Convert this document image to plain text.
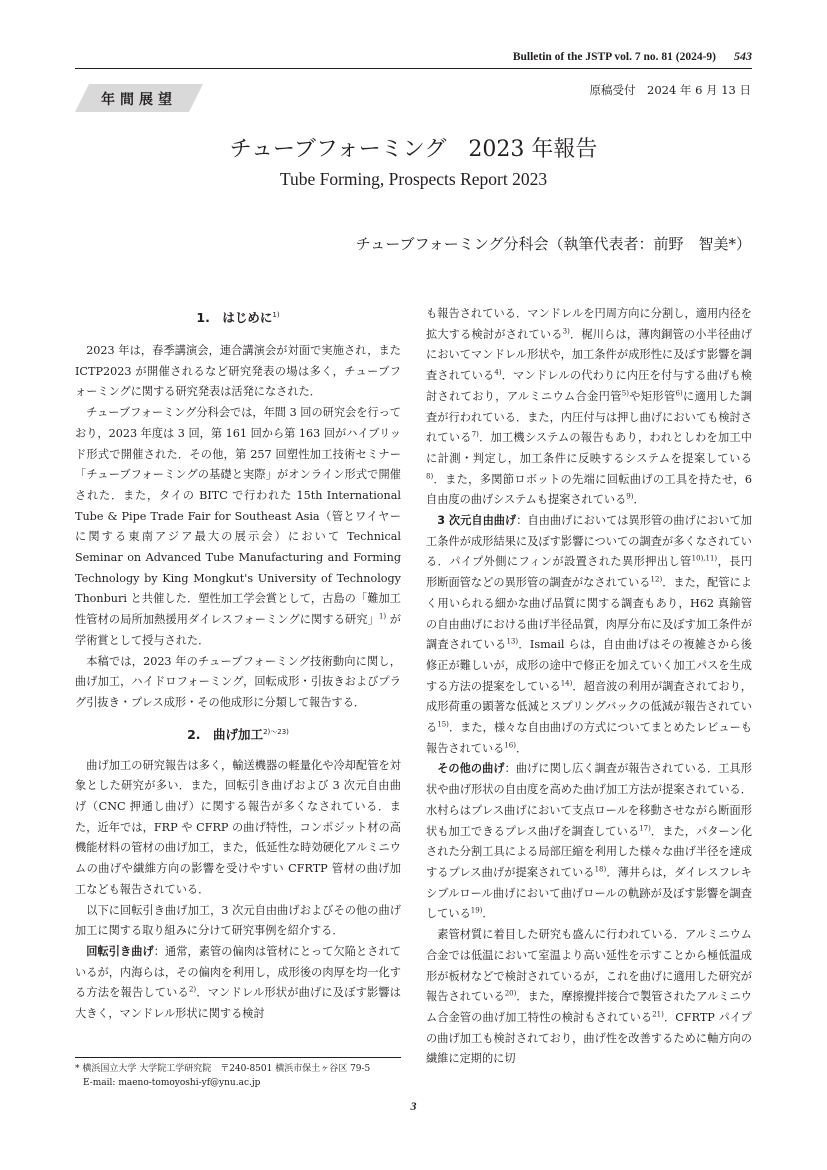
Bulletin of the JSTP vol. 7 no. 81 (2024-9) 543
年間展望
原稿受付　2024 年 6 月 13 日
チューブフォーミング　2023 年報告
Tube Forming, Prospects Report 2023
チューブフォーミング分科会（執筆代表者：前野　智美*）
1.　はじめに$^{1)}$

2023 年は，春季講演会，連合講演会が対面で実施され，またICTP2023 が開催されるなど研究発表の場は多く，チューブフォーミングに関する研究発表は活発になされた．

チューブフォーミング分科会では，年間 3 回の研究会を行っており，2023 年度は 3 回，第 161 回から第 163 回がハイブリッド形式で開催された．その他，第 257 回塑性加工技術セミナー「チューブフォーミングの基礎と実際」がオンライン形式で開催された．また，タイの BITC で行われた 15th International Tube & Pipe Trade Fair for Southeast Asia（管とワイヤーに関する東南アジア最大の展示会）において Technical Seminar on Advanced Tube Manufacturing and Forming Technology by King Mongkut's University of Technology Thonburi と共催した．塑性加工学会賞として，古島の「難加工性管材の局所加熱援用ダイレスフォーミングに関する研究」$^{1)}$ が学術賞として授与された．

本稿では，2023 年のチューブフォーミング技術動向に関し，曲げ加工，ハイドロフォーミング，回転成形・引抜きおよびプラグ引抜き・プレス成形・その他成形に分類して報告する．

2.　曲げ加工$^{2)\sim 23)}$

曲げ加工の研究報告は多く，輸送機器の軽量化や冷却配管を対象とした研究が多い．また，回転引き曲げおよび 3 次元自由曲げ（CNC 押通し曲げ）に関する報告が多くなされている．また，近年では，FRP や CFRP の曲げ特性，コンポジット材の高機能材料の管材の曲げ加工，また，低延性な時効硬化アルミニウムの曲げや繊維方向の影響を受けやすい CFRTP 管材の曲げ加工なども報告されている．

以下に回転引き曲げ加工，3 次元自由曲げおよびその他の曲げ加工に関する取り組みに分けて研究事例を紹介する．

回転引き曲げ：通常，素管の偏肉は管材にとって欠陥とされているが，内海らは，その偏肉を利用し，成形後の肉厚を均一化する方法を報告している$^{2)}$．マンドレル形状が曲げに及ぼす影響は大きく，マンドレル形状に関する検討

も報告されている．マンドレルを円周方向に分割し，適用内径を拡大する検討がされている$^{3)}$．梶川らは，薄肉銅管の小半径曲げにおいてマンドレル形状や，加工条件が成形性に及ぼす影響を調査されている$^{4)}$．マンドレルの代わりに内圧を付与する曲げも検討されており，アルミニウム合金円管$^{5)}$や矩形管$^{6)}$に適用した調査が行われている．また，内圧付与は押し曲げにおいても検討されている$^{7)}$．加工機システムの報告もあり，われとしわを加工中に計測・判定し，加工条件に反映するシステムを提案している$^{8)}$．また，多関節ロボットの先端に回転曲げの工具を持たせ，6 自由度の曲げシステムも提案されている$^{9)}$．

3 次元自由曲げ：自由曲げにおいては異形管の曲げにおいて加工条件が成形結果に及ぼす影響についての調査が多くなされている．パイプ外側にフィンが設置された異形押出し管$^{10),11)}$，長円形断面管などの異形管の調査がなされている$^{12)}$．また，配管によく用いられる細かな曲げ品質に関する調査もあり，H62 真鍮管の自由曲げにおける曲げ半径品質，肉厚分布に及ぼす加工条件が調査されている$^{13)}$．Ismail らは，自由曲げはその複雑さから後修正が難しいが，成形の途中で修正を加えていく加工パスを生成する方法の提案をしている$^{14)}$．超音波の利用が調査されており，成形荷重の顕著な低減とスプリングバックの低減が報告されている$^{15)}$．また，様々な自由曲げの方式についてまとめたレビューも報告されている$^{16)}$．

その他の曲げ：曲げに関し広く調査が報告されている．工具形状や曲げ形状の自由度を高めた曲げ加工方法が提案されている．水村らはプレス曲げにおいて支点ロールを移動させながら断面形状も加工できるプレス曲げを調査している$^{17)}$．また，パターン化された分割工具による局部圧縮を利用した様々な曲げ半径を達成するプレス曲げが提案されている$^{18)}$．薄井らは，ダイレスフレキシブルロール曲げにおいて曲げロールの軌跡が及ぼす影響を調査している$^{19)}$．

素管材質に着目した研究も盛んに行われている．アルミニウム合金では低温において室温より高い延性を示すことから極低温成形が板材などで検討されているが，これを曲げに適用した研究が報告されている$^{20)}$．また，摩擦攪拌接合で製管されたアルミニウム合金管の曲げ加工特性の検討もされている$^{21)}$．CFRTP パイプの曲げ加工も検討されており，曲げ性を改善するために軸方向の繊維に定期的に切

* 横浜国立大学 大学院工学研究院　〒240-8501 横浜市保土ヶ谷区 79-5
E-mail: maeno-tomoyoshi-yf@ynu.ac.jp
3
